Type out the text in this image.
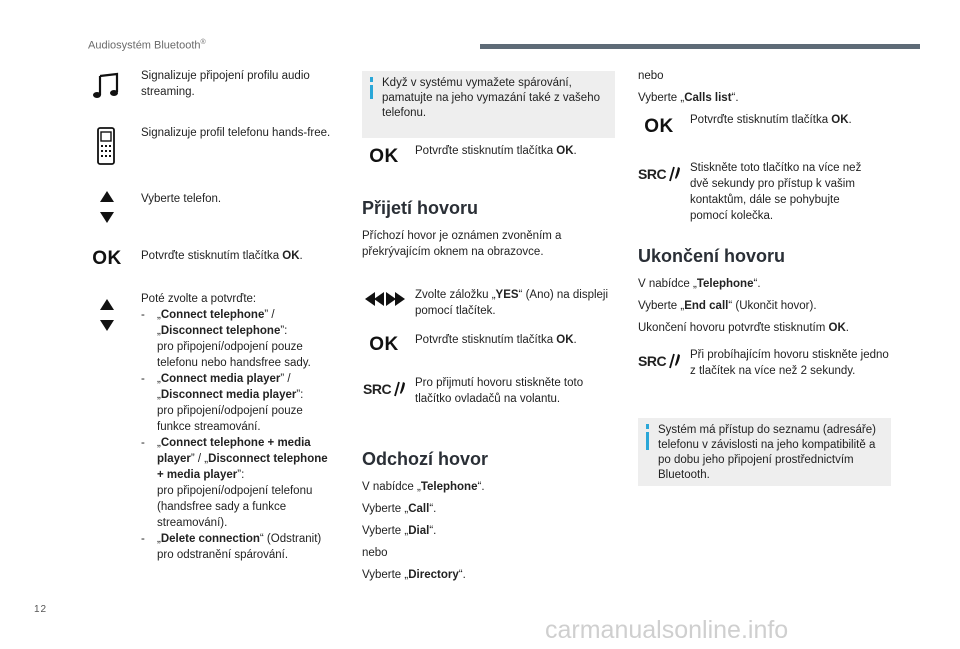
Audiosystém Bluetooth®
Signalizuje připojení profilu audio streaming.
Signalizuje profil telefonu hands-free.
Vyberte telefon.
OK Potvrďte stisknutím tlačítka OK.
Poté zvolte a potvrďte:
- „Connect telephone” / „Disconnect telephone”:
pro připojení/odpojení pouze telefonu nebo handsfree sady.
- „Connect media player” / „Disconnect media player”:
pro připojení/odpojení pouze funkce streamování.
- „Connect telephone + media player” / „Disconnect telephone + media player”:
pro připojení/odpojení telefonu (handsfree sady a funkce streamování).
- „Delete connection“ (Odstranit)
pro odstranění spárování.
Když v systému vymažete spárování, pamatujte na jeho vymazání také z vašeho telefonu.
OK	Potvrďte stisknutím tlačítka OK.
Přijetí hovoru
Příchozí hovor je oznámen zvoněním a překrývajícím oknem na obrazovce.
Zvolte záložku „YES“ (Ano) na displeji pomocí tlačítek.
OK	Potvrďte stisknutím tlačítka OK.
SRC Pro přijmutí hovoru stiskněte toto tlačítko ovladačů na volantu.
Odchozí hovor
V nabídce „Telephone“.
Vyberte „Call“.
Vyberte „Dial“.
nebo
Vyberte „Directory“.
nebo
Vyberte „Calls list“.
OK	Potvrďte stisknutím tlačítka OK.
SRC Stiskněte toto tlačítko na více než dvě sekundy pro přístup k vašim kontaktům, dále se pohybujte pomocí kolečka.
Ukončení hovoru
V nabídce „Telephone“.
Vyberte „End call“ (Ukončit hovor).
Ukončení hovoru potvrďte stisknutím OK.
SRC Při probíhajícím hovoru stiskněte jedno z tlačítek na více než 2 sekundy.
Systém má přístup do seznamu (adresáře) telefonu v závislosti na jeho kompatibilitě a po dobu jeho připojení prostřednictvím Bluetooth.
12
carmanualsonline.info
